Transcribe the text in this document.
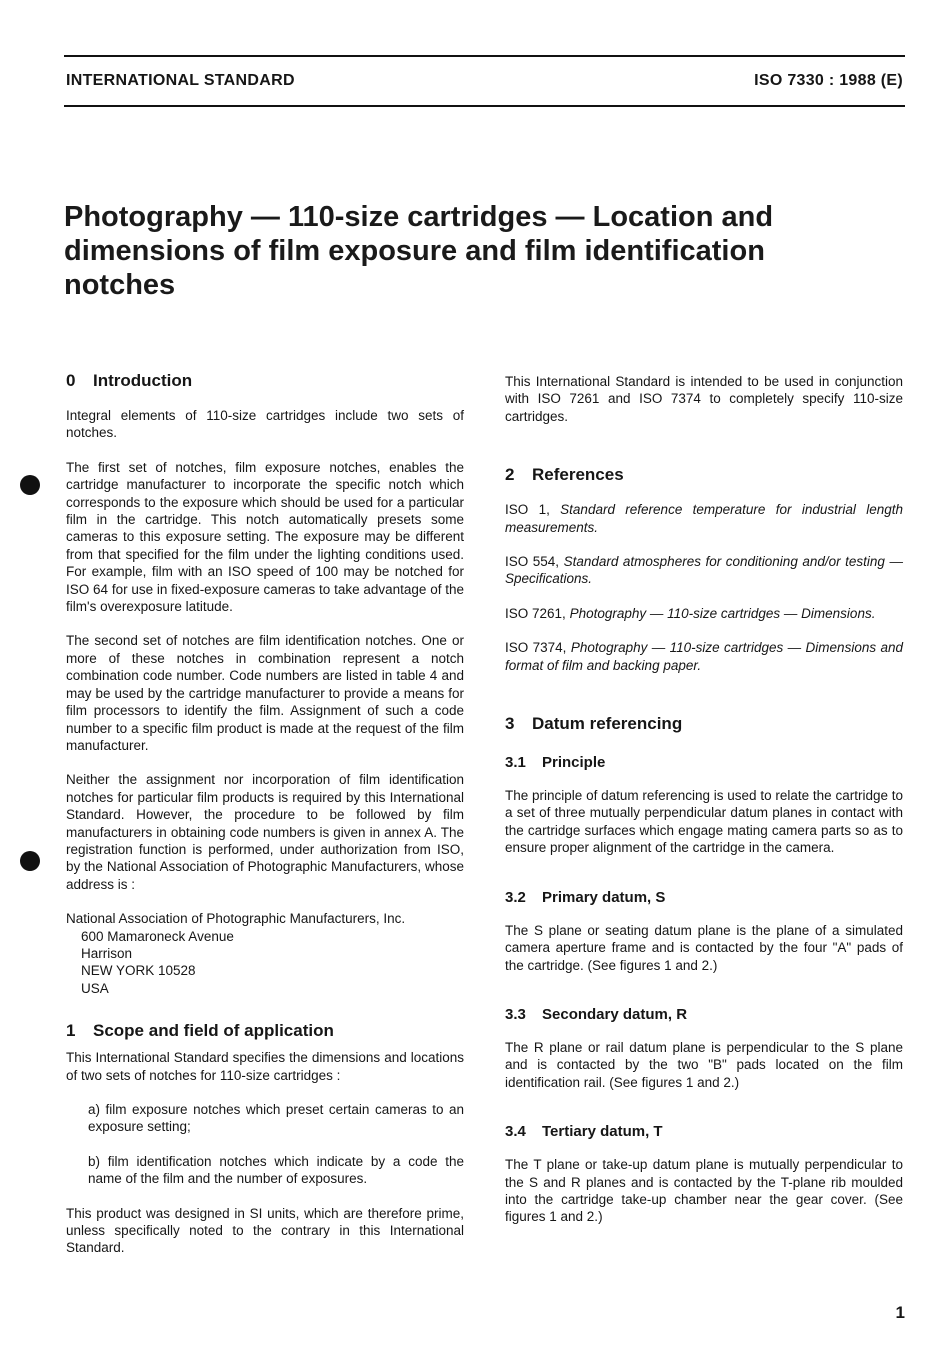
INTERNATIONAL STANDARD	ISO 7330 : 1988 (E)
Photography — 110-size cartridges — Location and dimensions of film exposure and film identification notches
0 Introduction

Integral elements of 110-size cartridges include two sets of notches.

The first set of notches, film exposure notches, enables the cartridge manufacturer to incorporate the specific notch which corresponds to the exposure which should be used for a particular film in the cartridge. This notch automatically presets some cameras to this exposure setting. The exposure may be different from that specified for the film under the lighting conditions used. For example, film with an ISO speed of 100 may be notched for ISO 64 for use in fixed-exposure cameras to take advantage of the film's overexposure latitude.

The second set of notches are film identification notches. One or more of these notches in combination represent a notch combination code number. Code numbers are listed in table 4 and may be used by the cartridge manufacturer to provide a means for film processors to identify the film. Assignment of such a code number to a specific film product is made at the request of the film manufacturer.

Neither the assignment nor incorporation of film identification notches for particular film products is required by this International Standard. However, the procedure to be followed by film manufacturers in obtaining code numbers is given in annex A. The registration function is performed, under authorization from ISO, by the National Association of Photographic Manufacturers, whose address is :

National Association of Photographic Manufacturers, Inc.
600 Mamaroneck Avenue
Harrison
NEW YORK 10528
USA
1 Scope and field of application

This International Standard specifies the dimensions and locations of two sets of notches for 110-size cartridges :

a) film exposure notches which preset certain cameras to an exposure setting;

b) film identification notches which indicate by a code the name of the film and the number of exposures.

This product was designed in SI units, which are therefore prime, unless specifically noted to the contrary in this International Standard.

This International Standard is intended to be used in conjunction with ISO 7261 and ISO 7374 to completely specify 110-size cartridges.

2 References

ISO 1, Standard reference temperature for industrial length measurements.

ISO 554, Standard atmospheres for conditioning and/or testing — Specifications.

ISO 7261, Photography — 110-size cartridges — Dimensions.

ISO 7374, Photography — 110-size cartridges — Dimensions and format of film and backing paper.

3 Datum referencing
3.1 Principle

The principle of datum referencing is used to relate the cartridge to a set of three mutually perpendicular datum planes in contact with the cartridge surfaces which engage mating camera parts so as to ensure proper alignment of the cartridge in the camera.

3.2 Primary datum, S

The S plane or seating datum plane is the plane of a simulated camera aperture frame and is contacted by the four "A" pads of the cartridge. (See figures 1 and 2.)

3.3 Secondary datum, R

The R plane or rail datum plane is perpendicular to the S plane and is contacted by the two "B" pads located on the film identification rail. (See figures 1 and 2.)

3.4 Tertiary datum, T

The T plane or take-up datum plane is mutually perpendicular to the S and R planes and is contacted by the T-plane rib moulded into the cartridge take-up chamber near the gear cover. (See figures 1 and 2.)

1
